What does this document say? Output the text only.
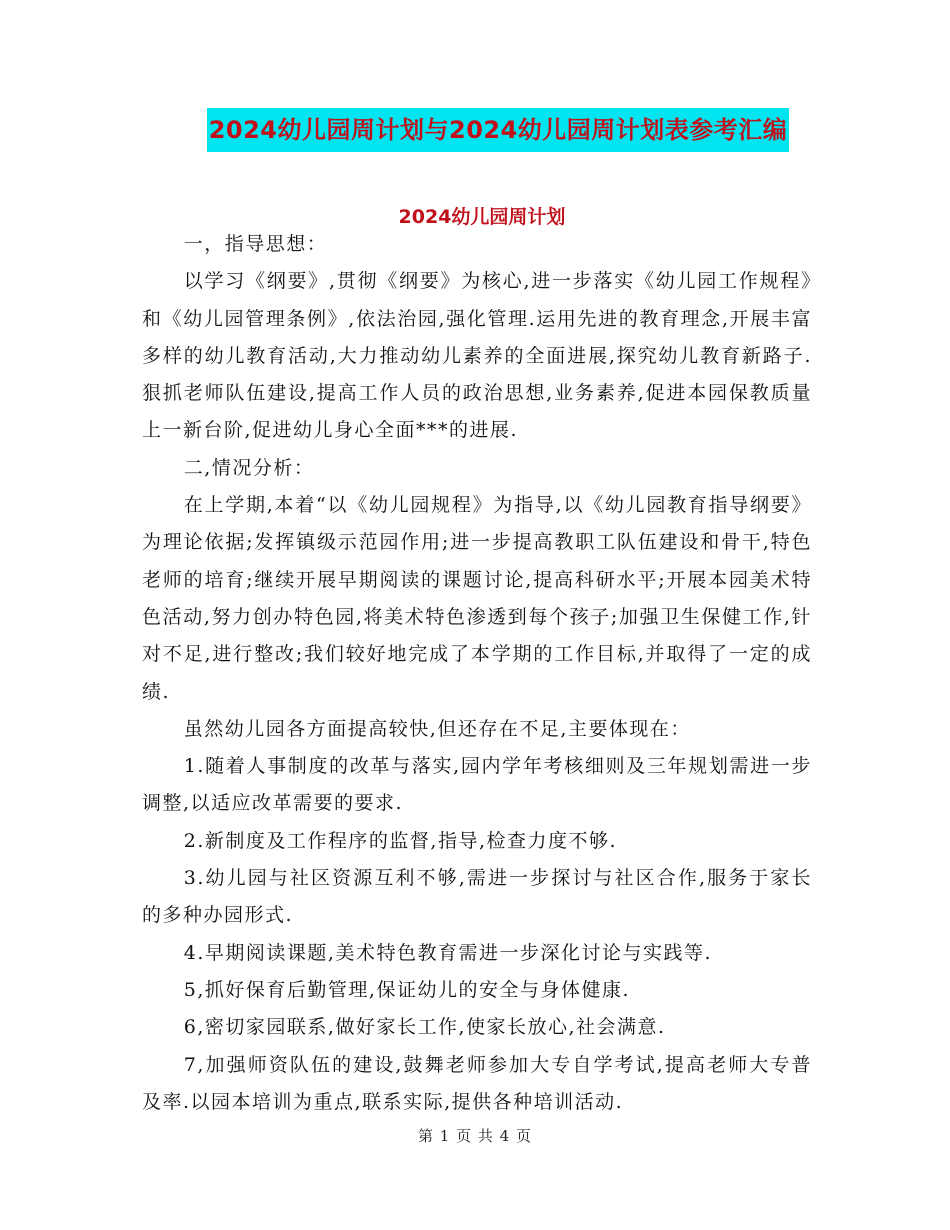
2024幼儿园周计划与2024幼儿园周计划表参考汇编
2024幼儿园周计划

一，指导思想：

以学习《纲要》,贯彻《纲要》为核心,进一步落实《幼儿园工作规程》和《幼儿园管理条例》,依法治园,强化管理.运用先进的教育理念,开展丰富多样的幼儿教育活动,大力推动幼儿素养的全面进展,探究幼儿教育新路子.狠抓老师队伍建设,提高工作人员的政治思想,业务素养,促进本园保教质量上一新台阶,促进幼儿身心全面***的进展.

二,情况分析：

在上学期,本着“以《幼儿园规程》为指导,以《幼儿园教育指导纲要》为理论依据;发挥镇级示范园作用;进一步提高教职工队伍建设和骨干,特色老师的培育;继续开展早期阅读的课题讨论,提高科研水平;开展本园美术特色活动,努力创办特色园,将美术特色渗透到每个孩子;加强卫生保健工作,针对不足,进行整改;我们较好地完成了本学期的工作目标,并取得了一定的成绩.

虽然幼儿园各方面提高较快,但还存在不足,主要体现在：

1.随着人事制度的改革与落实,园内学年考核细则及三年规划需进一步调整,以适应改革需要的要求.

2.新制度及工作程序的监督,指导,检查力度不够.

3.幼儿园与社区资源互利不够,需进一步探讨与社区合作,服务于家长的多种办园形式.

4.早期阅读课题,美术特色教育需进一步深化讨论与实践等.

5,抓好保育后勤管理,保证幼儿的安全与身体健康.

6,密切家园联系,做好家长工作,使家长放心,社会满意.

7,加强师资队伍的建设,鼓舞老师参加大专自学考试,提高老师大专普及率.以园本培训为重点,联系实际,提供各种培训活动.

第 1 页 共 4 页
